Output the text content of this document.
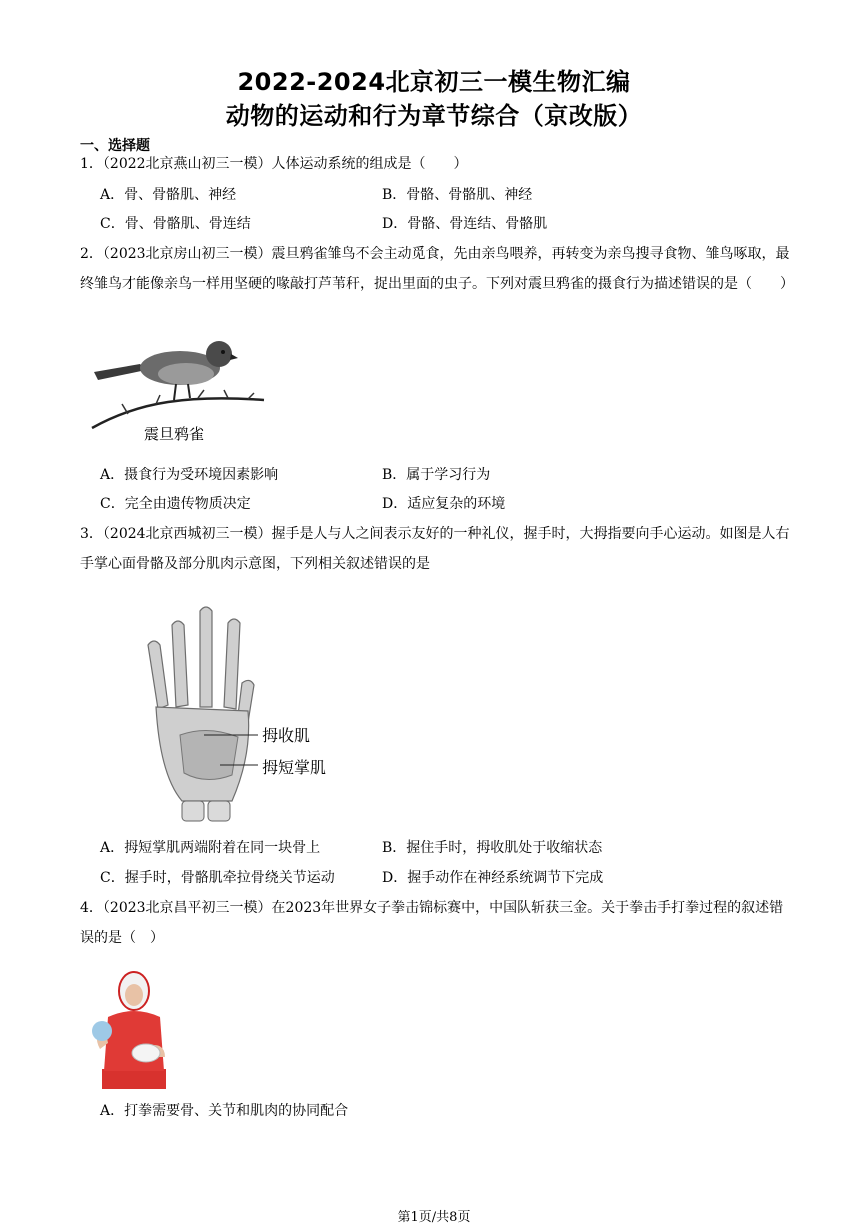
2022-2024北京初三一模生物汇编
动物的运动和行为章节综合（京改版）
一、选择题
1．（2022北京燕山初三一模）人体运动系统的组成是（　　）
A．骨、骨骼肌、神经	B．骨骼、骨骼肌、神经
C．骨、骨骼肌、骨连结	D．骨骼、骨连结、骨骼肌
2．（2023北京房山初三一模）震旦鸦雀雏鸟不会主动觅食，先由亲鸟喂养，再转变为亲鸟搜寻食物、雏鸟啄取，最终雏鸟才能像亲鸟一样用坚硬的喙敲打芦苇秆，捉出里面的虫子。下列对震旦鸦雀的摄食行为描述错误的是（　　）
震旦鸦雀
A．摄食行为受环境因素影响	B．属于学习行为
C．完全由遗传物质决定	D．适应复杂的环境
3．（2024北京西城初三一模）握手是人与人之间表示友好的一种礼仪，握手时，大拇指要向手心运动。如图是人右手掌心面骨骼及部分肌肉示意图，下列相关叙述错误的是
拇收肌
拇短掌肌
A．拇短掌肌两端附着在同一块骨上	B．握住手时，拇收肌处于收缩状态
C．握手时，骨骼肌牵拉骨绕关节运动	D．握手动作在神经系统调节下完成
4．（2023北京昌平初三一模）在2023年世界女子拳击锦标赛中，中国队斩获三金。关于拳击手打拳过程的叙述错误的是（　）
A．打拳需要骨、关节和肌肉的协同配合
第1页/共8页
